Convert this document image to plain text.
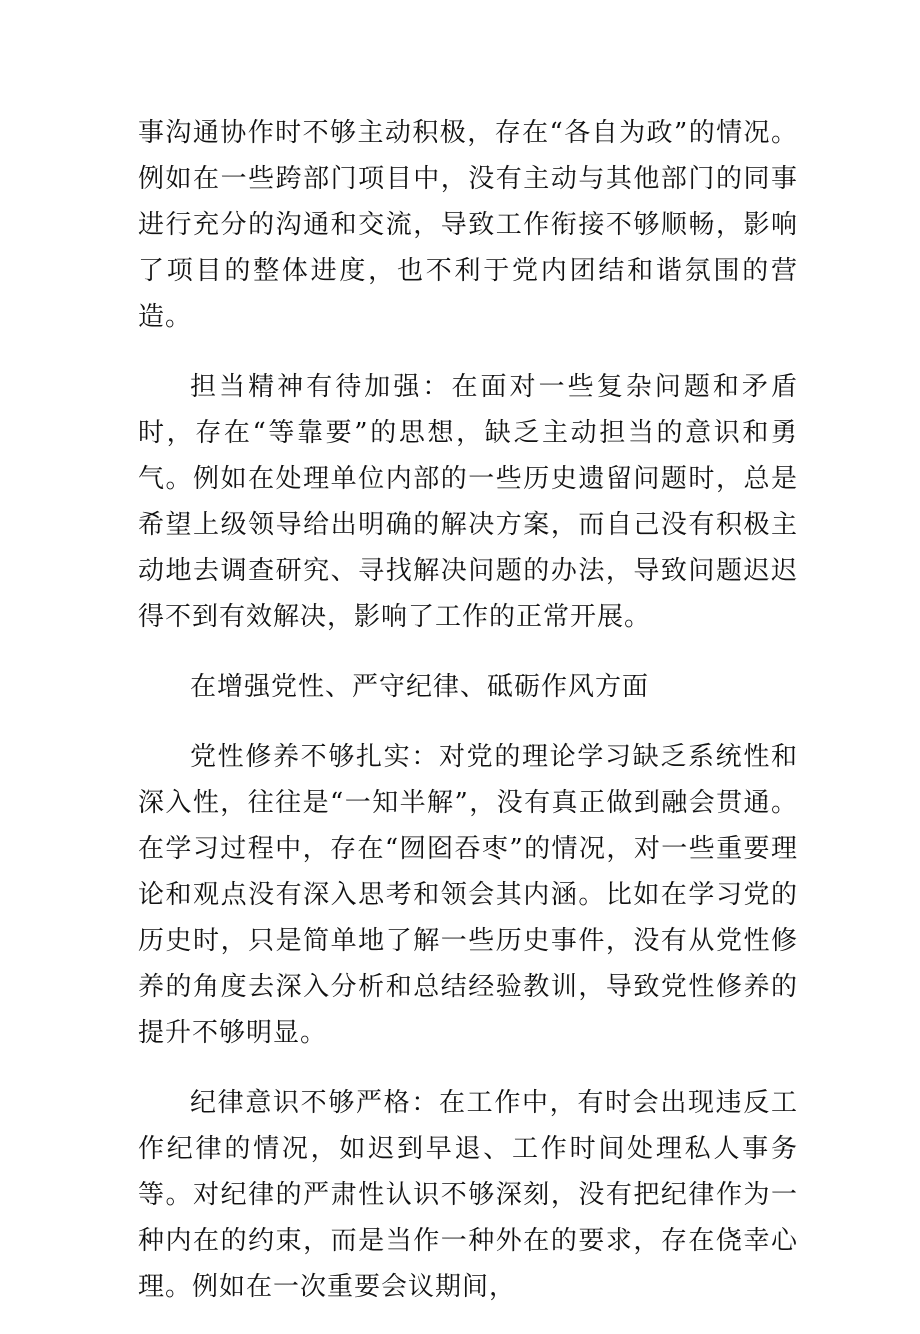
事沟通协作时不够主动积极，存在“各自为政”的情况。例如在一些跨部门项目中，没有主动与其他部门的同事进行充分的沟通和交流，导致工作衔接不够顺畅，影响了项目的整体进度，也不利于党内团结和谐氛围的营造。

担当精神有待加强：在面对一些复杂问题和矛盾时，存在“等靠要”的思想，缺乏主动担当的意识和勇气。例如在处理单位内部的一些历史遗留问题时，总是希望上级领导给出明确的解决方案，而自己没有积极主动地去调查研究、寻找解决问题的办法，导致问题迟迟得不到有效解决，影响了工作的正常开展。

在增强党性、严守纪律、砥砺作风方面

党性修养不够扎实：对党的理论学习缺乏系统性和深入性，往往是“一知半解”，没有真正做到融会贯通。在学习过程中，存在“囫囵吞枣”的情况，对一些重要理论和观点没有深入思考和领会其内涵。比如在学习党的历史时，只是简单地了解一些历史事件，没有从党性修养的角度去深入分析和总结经验教训，导致党性修养的提升不够明显。

纪律意识不够严格：在工作中，有时会出现违反工作纪律的情况，如迟到早退、工作时间处理私人事务等。对纪律的严肃性认识不够深刻，没有把纪律作为一种内在的约束，而是当作一种外在的要求，存在侥幸心理。例如在一次重要会议期间，
